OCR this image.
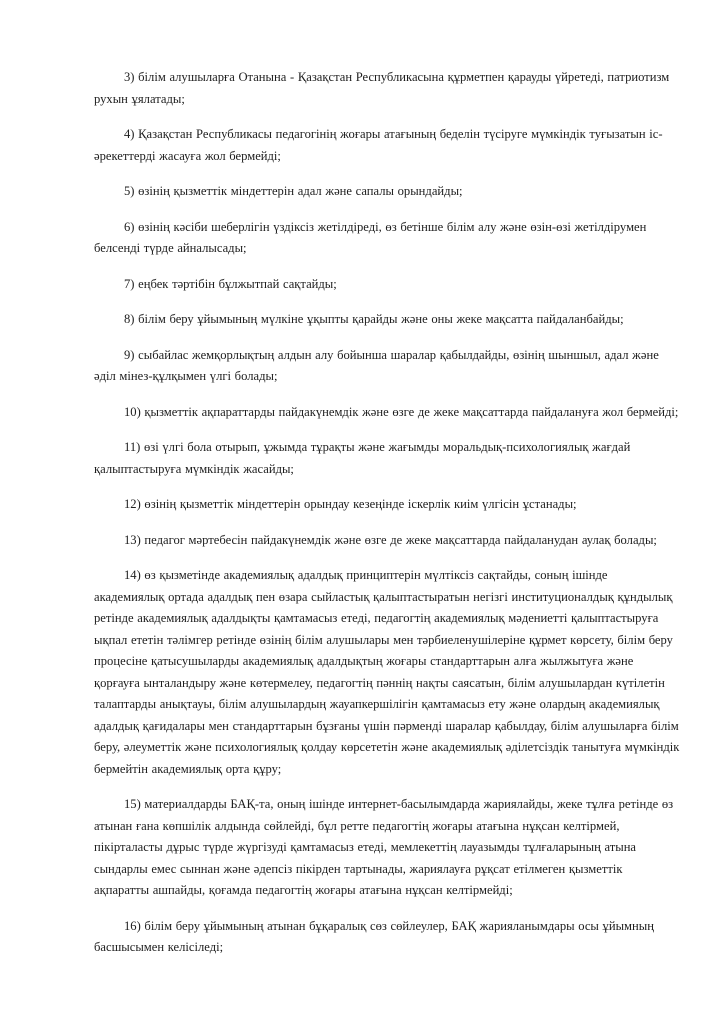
3) білім алушыларға Отанына - Қазақстан Республикасына құрметпен қарауды үйретеді, патриотизм рухын ұялатады;

4) Қазақстан Республикасы педагогінің жоғары атағының беделін түсіруге мүмкіндік туғызатын іс-әрекеттерді жасауға жол бермейді;

5) өзінің қызметтік міндеттерін адал және сапалы орындайды;

6) өзінің кәсіби шеберлігін үздіксіз жетілдіреді, өз бетінше білім алу және өзін-өзі жетілдірумен белсенді түрде айналысады;

7) еңбек тәртібін бұлжытпай сақтайды;

8) білім беру ұйымының мүлкіне ұқыпты қарайды және оны жеке мақсатта пайдаланбайды;

9) сыбайлас жемқорлықтың алдын алу бойынша шаралар қабылдайды, өзінің шыншыл, адал және әділ мінез-құлқымен үлгі болады;

10) қызметтік ақпараттарды пайдакүнемдік және өзге де жеке мақсаттарда пайдалануға жол бермейді;

11) өзі үлгі бола отырып, ұжымда тұрақты және жағымды моральдық-психологиялық жағдай қалыптастыруға мүмкіндік жасайды;

12) өзінің қызметтік міндеттерін орындау кезеңінде іскерлік киім үлгісін ұстанады;

13) педагог мәртебесін пайдакүнемдік және өзге де жеке мақсаттарда пайдаланудан аулақ болады;

14) өз қызметінде академиялық адалдық принциптерін мүлтіксіз сақтайды, соның ішінде академиялық ортада адалдық пен өзара сыйластық қалыптастыратын негізгі институционалдық құндылық ретінде академиялық адалдықты қамтамасыз етеді, педагогтің академиялық мәдениетті қалыптастыруға ықпал ететін тәлімгер ретінде өзінің білім алушылары мен тәрбиеленушілеріне құрмет көрсету, білім беру процесіне қатысушыларды академиялық адалдықтың жоғары стандарттарын алға жылжытуға және қорғауға ынталандыру және көтермелеу, педагогтің пәннің нақты саясатын, білім алушылардан күтілетін талаптарды анықтауы, білім алушылардың жауапкершілігін қамтамасыз ету және олардың академиялық адалдық қағидалары мен стандарттарын бұзғаны үшін пәрменді шаралар қабылдау, білім алушыларға білім беру, әлеуметтік және психологиялық қолдау көрсететін және академиялық әділетсіздік танытуға мүмкіндік бермейтін академиялық орта құру;

15) материалдарды БАҚ-та, оның ішінде интернет-басылымдарда жариялайды, жеке тұлға ретінде өз атынан ғана көпшілік алдында сөйлейді, бұл ретте педагогтің жоғары атағына нұқсан келтірмей, пікірталасты дұрыс түрде жүргізуді қамтамасыз етеді, мемлекеттің лауазымды тұлғаларының атына сындарлы емес сыннан және әдепсіз пікірден тартынады, жариялауға рұқсат етілмеген қызметтік ақпаратты ашпайды, қоғамда педагогтің жоғары атағына нұқсан келтірмейді;

16) білім беру ұйымының атынан бұқаралық сөз сөйлеулер, БАҚ жарияланымдары осы ұйымның басшысымен келісіледі;
